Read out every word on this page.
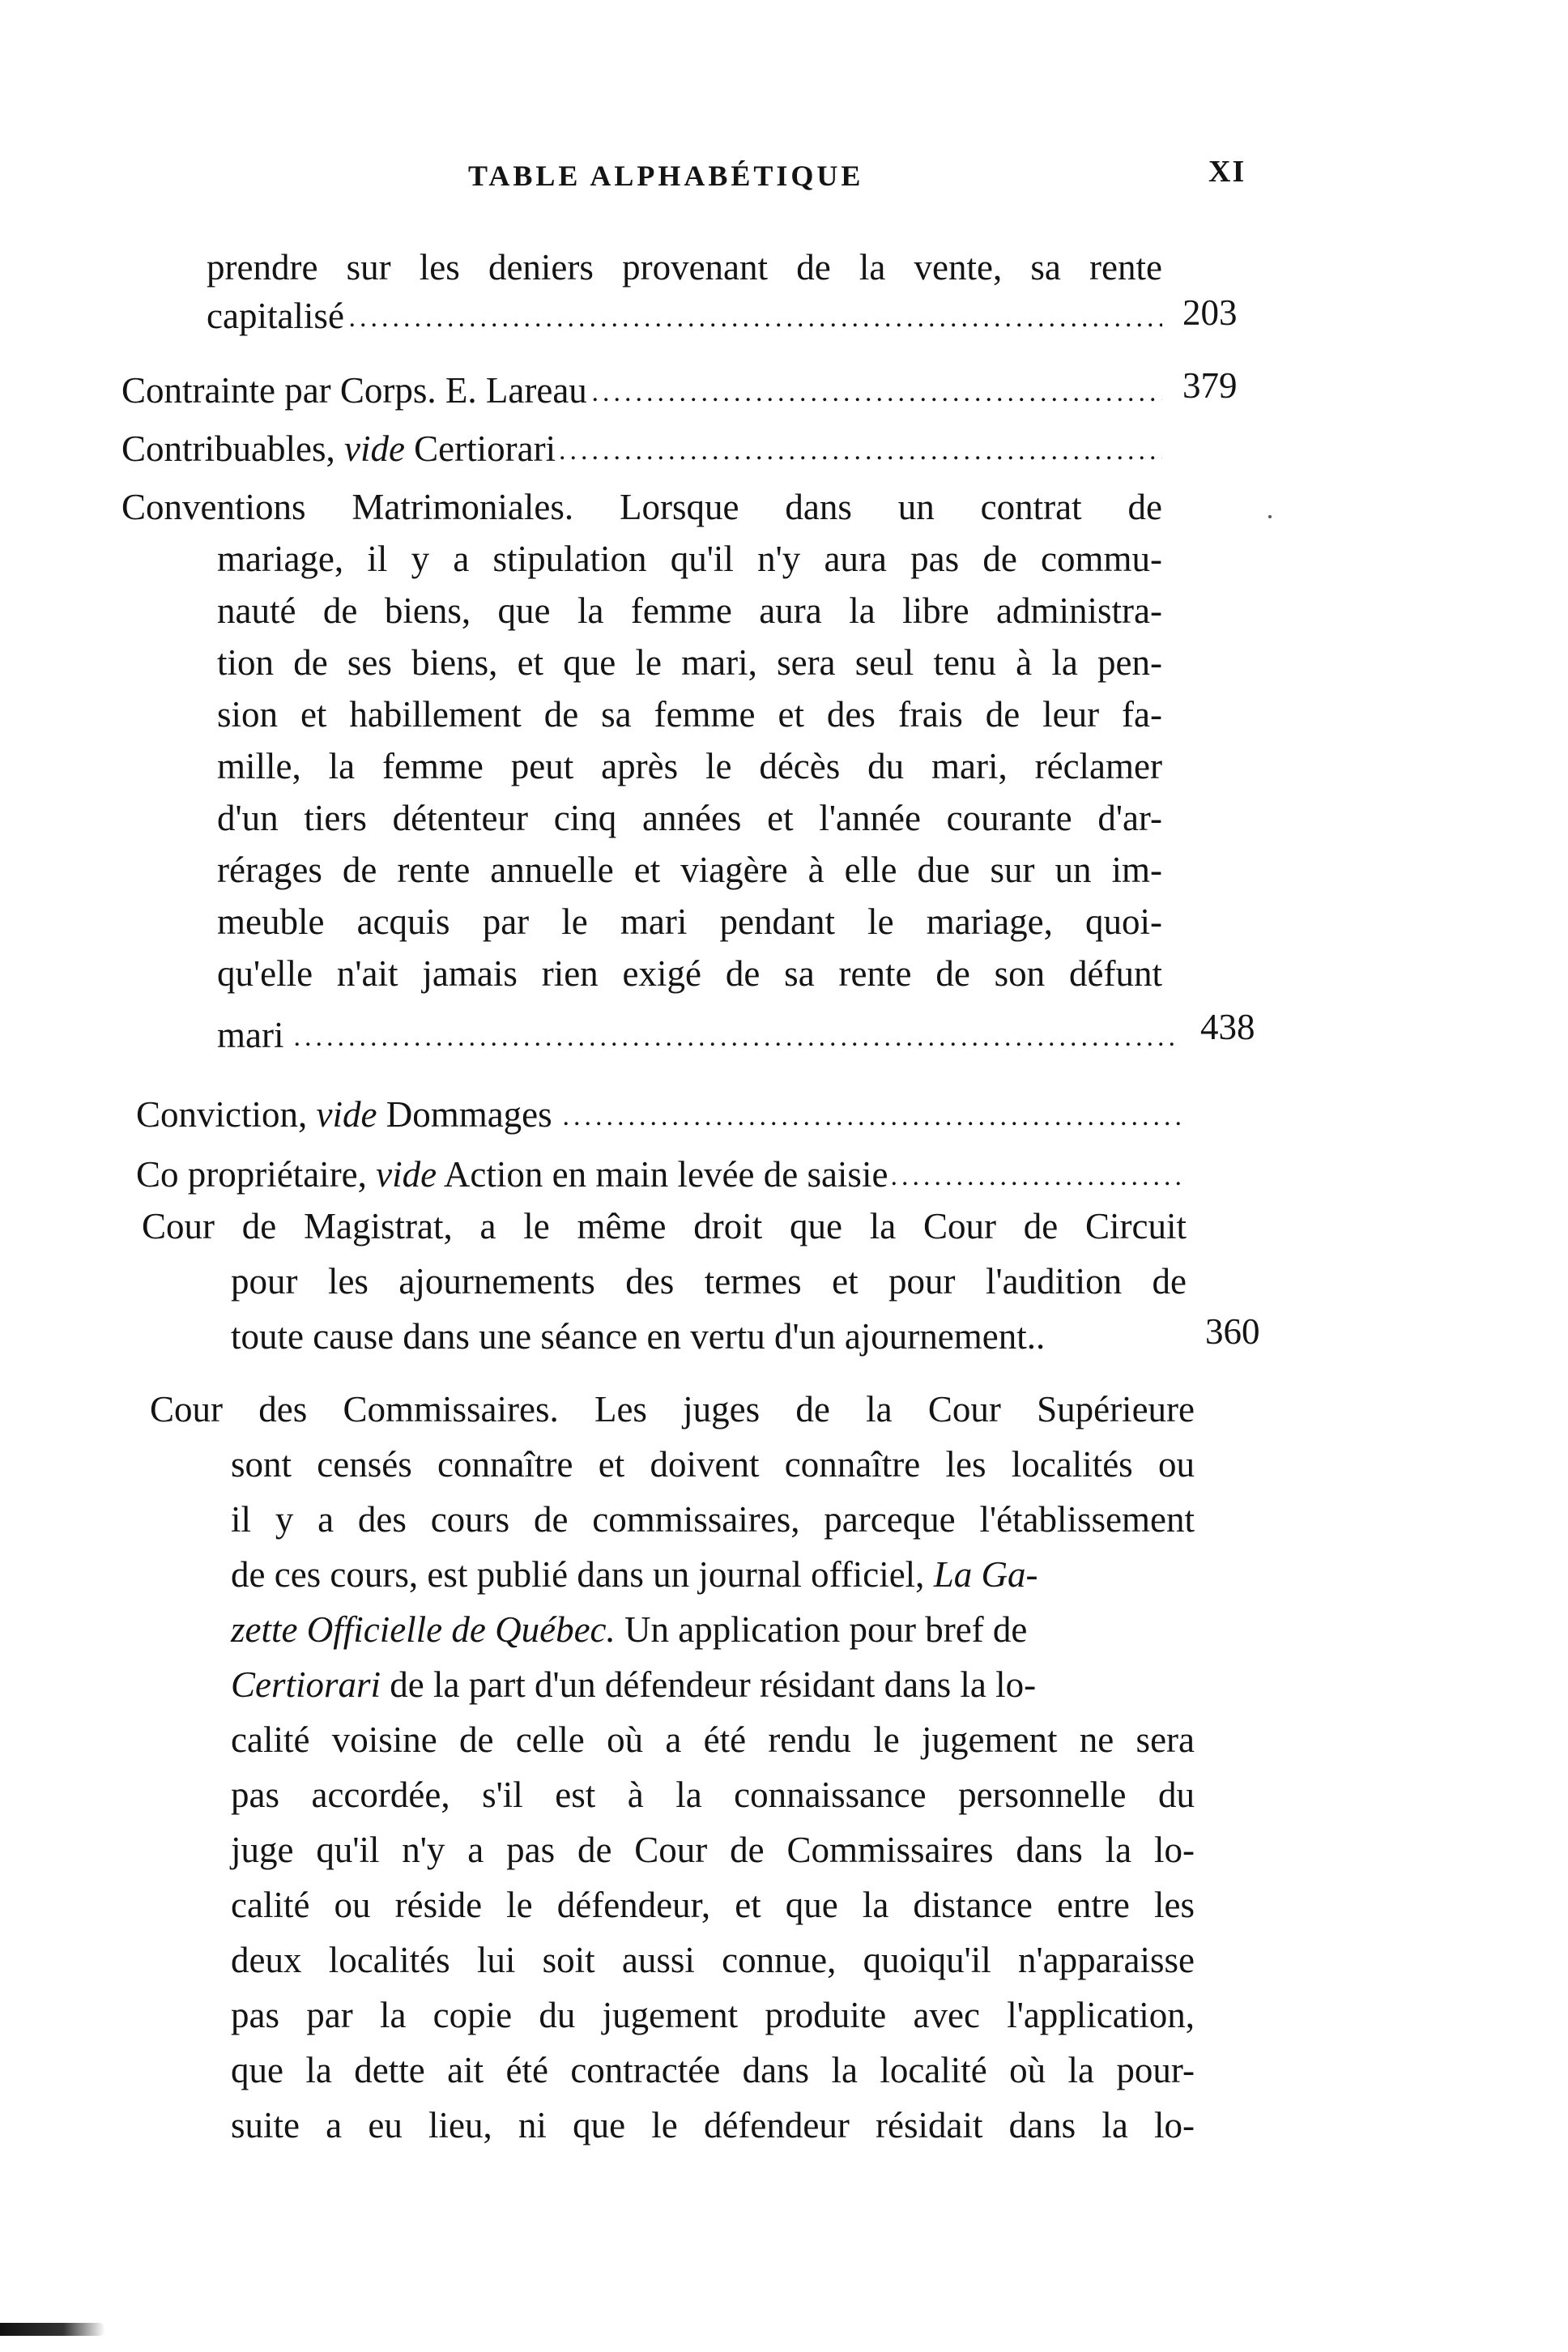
TABLE ALPHABÉTIQUE	XI
prendre sur les deniers provenant de la vente, sa rente
.....
capitalisé	203
.....
Contrainte par Corps. E. Lareau	379
.....
Contribuables, vide Certiorari
Conventions Matrimoniales. Lorsque dans un contrat de
mariage, il y a stipulation qu'il n'y aura pas de commu-
nauté de biens, que la femme aura la libre administra-
tion de ses biens, et que le mari, sera seul tenu à la pen-
sion et habillement de sa femme et des frais de leur fa-
mille, la femme peut après le décès du mari, réclamer
d'un tiers détenteur cinq années et l'année courante d'ar-
rérages de rente annuelle et viagère à elle due sur un im-
meuble acquis par le mari pendant le mariage, quoi-
qu'elle n'ait jamais rien exigé de sa rente de son défunt
.....
mari	438
.....
Conviction, vide Dommages
.....
Co propriétaire, vide Action en main levée de saisie
Cour de Magistrat, a le même droit que la Cour de Circuit
pour les ajournements des termes et pour l'audition de
toute cause dans une séance en vertu d'un ajournement..	360
Cour des Commissaires. Les juges de la Cour Supérieure
sont censés connaître et doivent connaître les localités ou
il y a des cours de commissaires, parceque l'établissement
de ces cours, est publié dans un journal officiel, La Ga-
zette Officielle de Québec. Un application pour bref de
Certiorari de la part d'un défendeur résidant dans la lo-
calité voisine de celle où a été rendu le jugement ne sera
pas accordée, s'il est à la connaissance personnelle du
juge qu'il n'y a pas de Cour de Commissaires dans la lo-
calité ou réside le défendeur, et que la distance entre les
deux localités lui soit aussi connue, quoiqu'il n'apparaisse
pas par la copie du jugement produite avec l'application,
que la dette ait été contractée dans la localité où la pour-
suite a eu lieu, ni que le défendeur résidait dans la lo-
